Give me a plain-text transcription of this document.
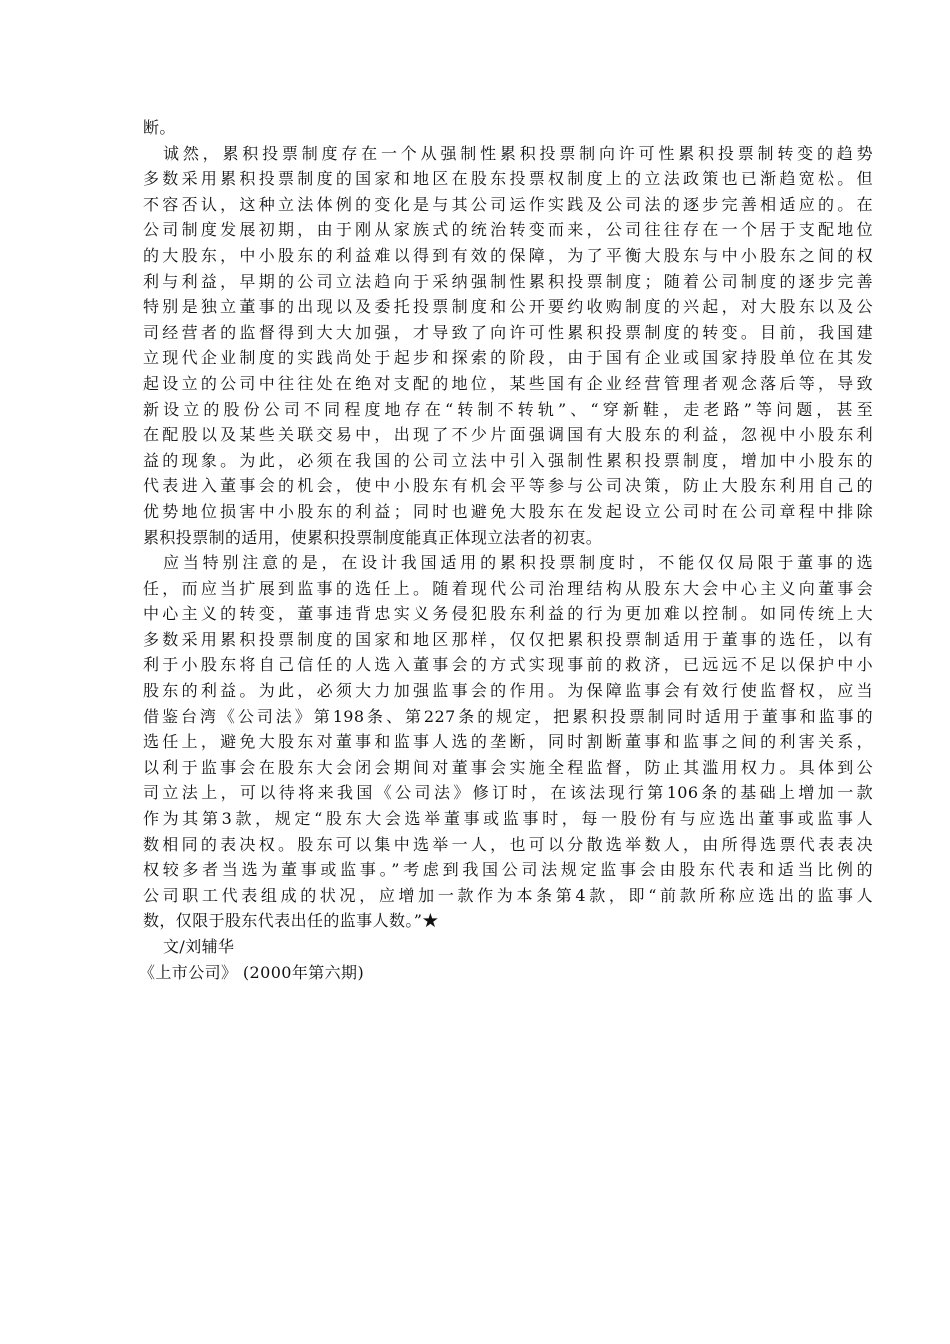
断。
诚然，累积投票制度存在一个从强制性累积投票制向许可性累积投票制转变的趋势
多数采用累积投票制度的国家和地区在股东投票权制度上的立法政策也已渐趋宽松。但
不容否认，这种立法体例的变化是与其公司运作实践及公司法的逐步完善相适应的。在
公司制度发展初期，由于刚从家族式的统治转变而来，公司往往存在一个居于支配地位
的大股东，中小股东的利益难以得到有效的保障，为了平衡大股东与中小股东之间的权
利与利益，早期的公司立法趋向于采纳强制性累积投票制度；随着公司制度的逐步完善
特别是独立董事的出现以及委托投票制度和公开要约收购制度的兴起，对大股东以及公
司经营者的监督得到大大加强，才导致了向许可性累积投票制度的转变。目前，我国建
立现代企业制度的实践尚处于起步和探索的阶段，由于国有企业或国家持股单位在其发
起设立的公司中往往处在绝对支配的地位，某些国有企业经营管理者观念落后等，导致
新设立的股份公司不同程度地存在“转制不转轨”、“穿新鞋，走老路”等问题，甚至
在配股以及某些关联交易中，出现了不少片面强调国有大股东的利益，忽视中小股东利
益的现象。为此，必须在我国的公司立法中引入强制性累积投票制度，增加中小股东的
代表进入董事会的机会，使中小股东有机会平等参与公司决策，防止大股东利用自己的
优势地位损害中小股东的利益；同时也避免大股东在发起设立公司时在公司章程中排除
累积投票制的适用，使累积投票制度能真正体现立法者的初衷。
应当特别注意的是，在设计我国适用的累积投票制度时，不能仅仅局限于董事的选
任，而应当扩展到监事的选任上。随着现代公司治理结构从股东大会中心主义向董事会
中心主义的转变，董事违背忠实义务侵犯股东利益的行为更加难以控制。如同传统上大
多数采用累积投票制度的国家和地区那样，仅仅把累积投票制适用于董事的选任，以有
利于小股东将自己信任的人选入董事会的方式实现事前的救济，已远远不足以保护中小
股东的利益。为此，必须大力加强监事会的作用。为保障监事会有效行使监督权，应当
借鉴台湾《公司法》第198条、第227条的规定，把累积投票制同时适用于董事和监事的
选任上，避免大股东对董事和监事人选的垄断，同时割断董事和监事之间的利害关系，
以利于监事会在股东大会闭会期间对董事会实施全程监督，防止其滥用权力。具体到公
司立法上，可以待将来我国《公司法》修订时，在该法现行第106条的基础上增加一款
作为其第3款，规定“股东大会选举董事或监事时，每一股份有与应选出董事或监事人
数相同的表决权。股东可以集中选举一人，也可以分散选举数人，由所得选票代表表决
权较多者当选为董事或监事。”考虑到我国公司法规定监事会由股东代表和适当比例的
公司职工代表组成的状况，应增加一款作为本条第4款，即“前款所称应选出的监事人
数，仅限于股东代表出任的监事人数。”★
文/刘辅华
《上市公司》 (2000年第六期)
